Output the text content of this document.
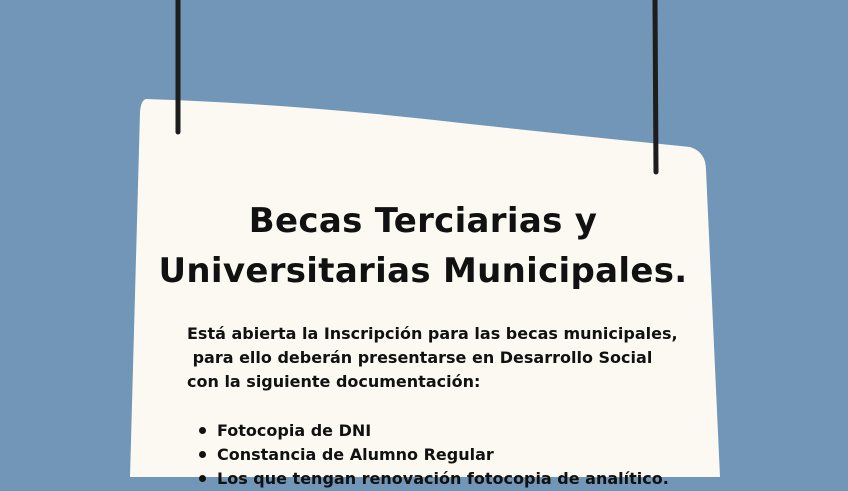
Becas Terciarias y
Universitarias Municipales.
Está abierta la Inscripción para las becas municipales,
para ello deberán presentarse en Desarrollo Social
con la siguiente documentación:
Fotocopia de DNI
Constancia de Alumno Regular
Los que tengan renovación fotocopia de analítico.
